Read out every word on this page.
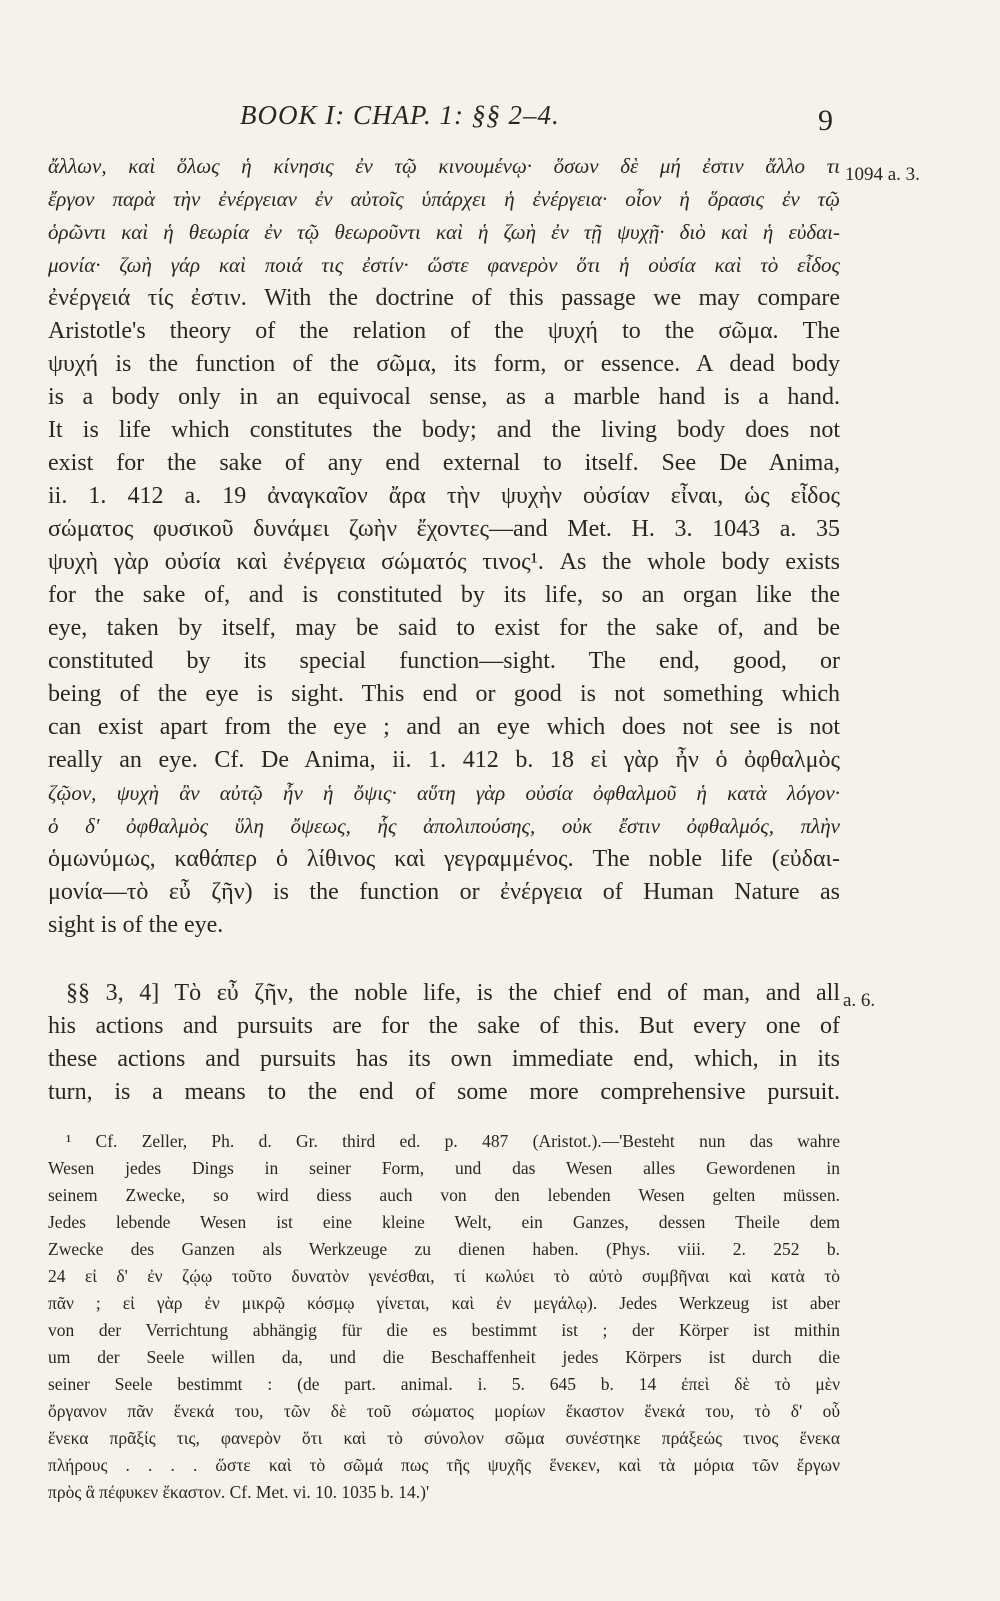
BOOK I: CHAP. 1: §§ 2–4.	9
1094 a. 3.
a. 6.
ἄλλων, καὶ ὅλως ἡ κίνησις ἐν τῷ κινουμένῳ· ὅσων δὲ μή ἐστιν ἄλλο τι
ἔργον παρὰ τὴν ἐνέργειαν ἐν αὐτοῖς ὑπάρχει ἡ ἐνέργεια· οἷον ἡ ὅρασις ἐν τῷ
ὁρῶντι καὶ ἡ θεωρία ἐν τῷ θεωροῦντι καὶ ἡ ζωὴ ἐν τῇ ψυχῇ· διὸ καὶ ἡ εὐδαι-
μονία· ζωὴ γάρ καὶ ποιά τις ἐστίν· ὥστε φανερὸν ὅτι ἡ οὐσία καὶ τὸ εἶδος
ἐνέργειά τίς ἐστιν. With the doctrine of this passage we may compare
Aristotle's theory of the relation of the ψυχή to the σῶμα. The
ψυχή is the function of the σῶμα, its form, or essence. A dead body
is a body only in an equivocal sense, as a marble hand is a hand.
It is life which constitutes the body; and the living body does not
exist for the sake of any end external to itself. See De Anima,
ii. 1. 412 a. 19 ἀναγκαῖον ἄρα τὴν ψυχὴν οὐσίαν εἶναι, ὡς εἶδος
σώματος φυσικοῦ δυνάμει ζωὴν ἔχοντες—and Met. H. 3. 1043 a. 35
ψυχὴ γὰρ οὐσία καὶ ἐνέργεια σώματός τινος¹. As the whole body exists
for the sake of, and is constituted by its life, so an organ like the
eye, taken by itself, may be said to exist for the sake of, and be
constituted by its special function—sight. The end, good, or
being of the eye is sight. This end or good is not something which
can exist apart from the eye ; and an eye which does not see is not
really an eye. Cf. De Anima, ii. 1. 412 b. 18 εἰ γὰρ ἦν ὁ ὀφθαλμὸς
ζῷον, ψυχὴ ἂν αὐτῷ ἦν ἡ ὄψις· αὕτη γὰρ οὐσία ὀφθαλμοῦ ἡ κατὰ λόγον·
ὁ δ' ὀφθαλμὸς ὕλη ὄψεως, ἧς ἀπολιπούσης, οὐκ ἔστιν ὀφθαλμός, πλὴν
ὁμωνύμως, καθάπερ ὁ λίθινος καὶ γεγραμμένος. The noble life (εὐδαι-
μονία—τὸ εὖ ζῆν) is the function or ἐνέργεια of Human Nature as
sight is of the eye.
§§ 3, 4] Τὸ εὖ ζῆν, the noble life, is the chief end of man, and all
his actions and pursuits are for the sake of this. But every one of
these actions and pursuits has its own immediate end, which, in its
turn, is a means to the end of some more comprehensive pursuit.
¹ Cf. Zeller, Ph. d. Gr. third ed. p. 487 (Aristot.).—'Besteht nun das wahre
Wesen jedes Dings in seiner Form, und das Wesen alles Gewordenen in
seinem Zwecke, so wird diess auch von den lebenden Wesen gelten müssen.
Jedes lebende Wesen ist eine kleine Welt, ein Ganzes, dessen Theile dem
Zwecke des Ganzen als Werkzeuge zu dienen haben. (Phys. viii. 2. 252 b.
24 εἰ δ' ἐν ζῴῳ τοῦτο δυνατὸν γενέσθαι, τί κωλύει τὸ αὐτὸ συμβῆναι καὶ κατὰ τὸ
πᾶν ; εἰ γὰρ ἐν μικρῷ κόσμῳ γίνεται, καὶ ἐν μεγάλῳ). Jedes Werkzeug ist aber
von der Verrichtung abhängig für die es bestimmt ist ; der Körper ist mithin
um der Seele willen da, und die Beschaffenheit jedes Körpers ist durch die
seiner Seele bestimmt : (de part. animal. i. 5. 645 b. 14 ἐπεὶ δὲ τὸ μὲν
ὄργανον πᾶν ἕνεκά του, τῶν δὲ τοῦ σώματος μορίων ἕκαστον ἕνεκά του, τὸ δ' οὗ
ἕνεκα πρᾶξίς τις, φανερὸν ὅτι καὶ τὸ σύνολον σῶμα συνέστηκε πράξεώς τινος ἕνεκα
πλήρους . . . . ὥστε καὶ τὸ σῶμά πως τῆς ψυχῆς ἕνεκεν, καὶ τὰ μόρια τῶν ἔργων
πρὸς ἃ πέφυκεν ἕκαστον. Cf. Met. vi. 10. 1035 b. 14.)'
